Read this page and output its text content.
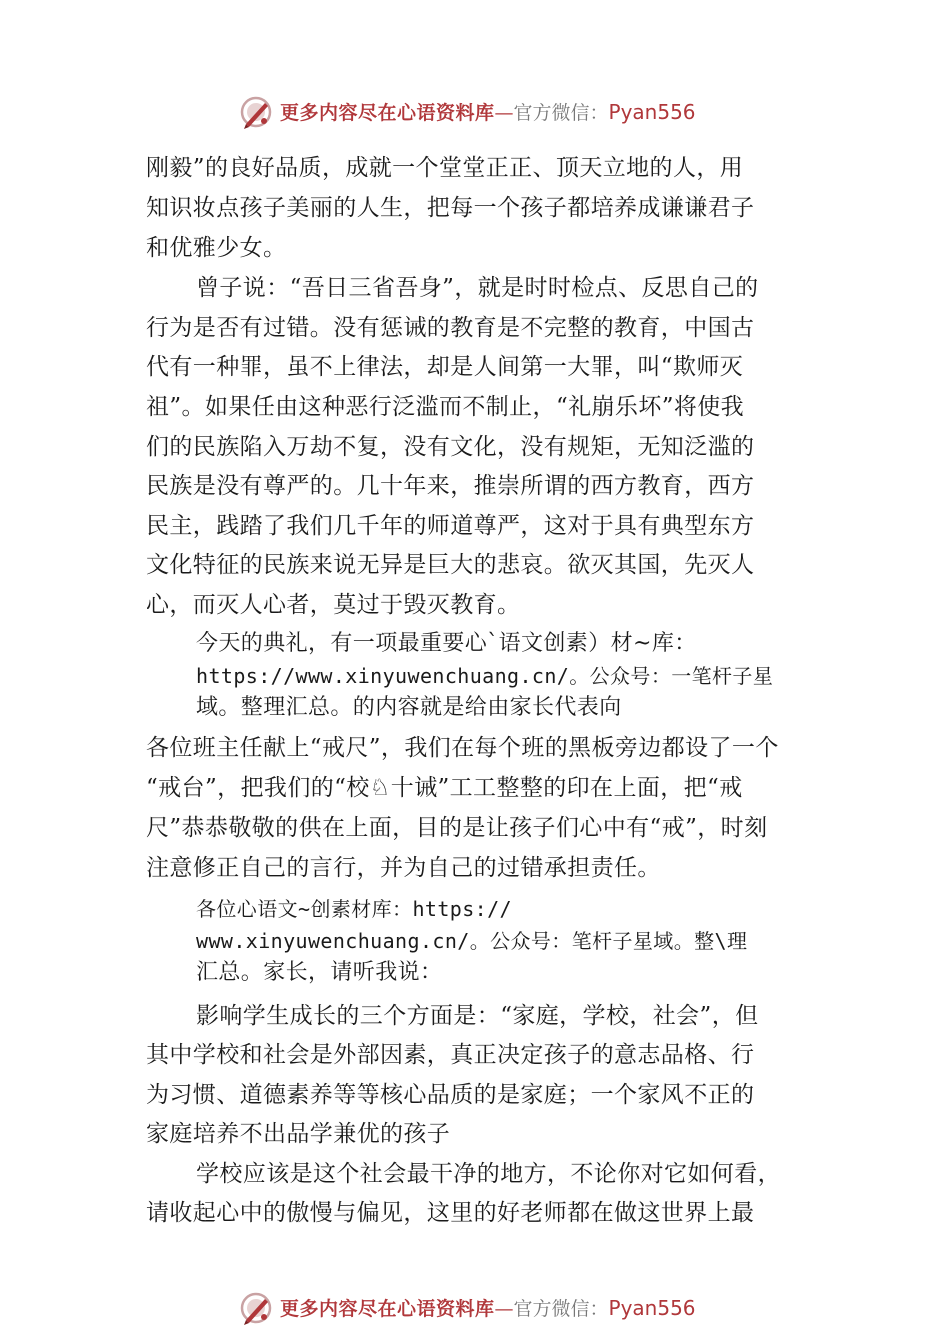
更多内容尽在心语资料库—官方微信：Pyan556
刚毅”的良好品质，成就一个堂堂正正、顶天立地的人，用
知识妆点孩子美丽的人生，把每一个孩子都培养成谦谦君子
和优雅少女。
曾子说：“吾日三省吾身”，就是时时检点、反思自己的
行为是否有过错。没有惩诫的教育是不完整的教育，中国古
代有一种罪，虽不上律法，却是人间第一大罪，叫“欺师灭
祖”。如果任由这种恶行泛滥而不制止，“礼崩乐坏”将使我
们的民族陷入万劫不复，没有文化，没有规矩，无知泛滥的
民族是没有尊严的。几十年来，推崇所谓的西方教育，西方
民主，践踏了我们几千年的师道尊严，这对于具有典型东方
文化特征的民族来说无异是巨大的悲哀。欲灭其国，先灭人
心，而灭人心者，莫过于毁灭教育。
今天的典礼，有一项最重要心`语文创素）材~库：
https://www.xinyuwenchuang.cn/。公众号：一笔杆子星
域。整理汇总。的内容就是给由家长代表向
各位班主任献上“戒尺”，我们在每个班的黑板旁边都设了一个
“戒台”，把我们的“校♘十诫”工工整整的印在上面，把“戒
尺”恭恭敬敬的供在上面，目的是让孩子们心中有“戒”，时刻
注意修正自己的言行，并为自己的过错承担责任。
各位心语文~创素材库：https://
www.xinyuwenchuang.cn/。公众号：笔杆子星域。整\理
汇总。家长，请听我说：
影响学生成长的三个方面是：“家庭，学校，社会”，但
其中学校和社会是外部因素，真正决定孩子的意志品格、行
为习惯、道德素养等等核心品质的是家庭；一个家风不正的
家庭培养不出品学兼优的孩子
学校应该是这个社会最干净的地方，不论你对它如何看，
请收起心中的傲慢与偏见，这里的好老师都在做这世界上最
更多内容尽在心语资料库—官方微信：Pyan556
